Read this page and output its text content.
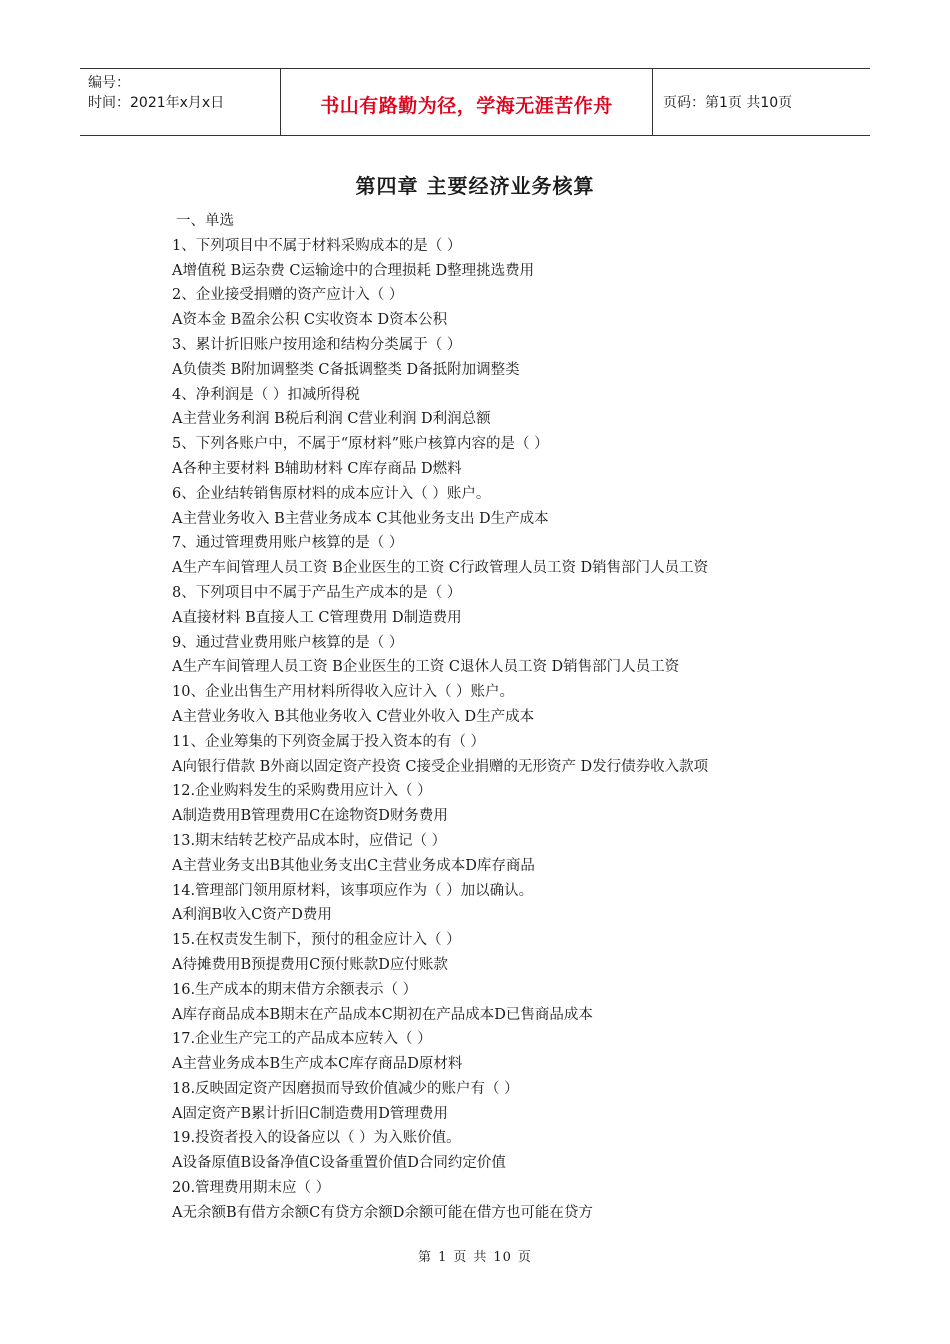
编号：
时间：2021年x月x日	书山有路勤为径，学海无涯苦作舟	页码：第1页 共10页
第四章 主要经济业务核算
一、单选
1、下列项目中不属于材料采购成本的是（ ）
A增值税 B运杂费 C运输途中的合理损耗 D整理挑选费用
2、企业接受捐赠的资产应计入（ ）
A资本金 B盈余公积 C实收资本 D资本公积
3、累计折旧账户按用途和结构分类属于（ ）
A负债类 B附加调整类 C备抵调整类 D备抵附加调整类
4、净利润是（ ）扣减所得税
A主营业务利润 B税后利润 C营业利润 D利润总额
5、下列各账户中，不属于“原材料”账户核算内容的是（ ）
A各种主要材料 B辅助材料 C库存商品 D燃料
6、企业结转销售原材料的成本应计入（ ）账户。
A主营业务收入 B主营业务成本 C其他业务支出 D生产成本
7、通过管理费用账户核算的是（ ）
A生产车间管理人员工资 B企业医生的工资 C行政管理人员工资 D销售部门人员工资
8、下列项目中不属于产品生产成本的是（ ）
A直接材料 B直接人工 C管理费用 D制造费用
9、通过营业费用账户核算的是（ ）
A生产车间管理人员工资 B企业医生的工资 C退休人员工资 D销售部门人员工资
10、企业出售生产用材料所得收入应计入（ ）账户。
A主营业务收入 B其他业务收入 C营业外收入 D生产成本
11、企业筹集的下列资金属于投入资本的有（ ）
A向银行借款 B外商以固定资产投资 C接受企业捐赠的无形资产 D发行债券收入款项
12.企业购料发生的采购费用应计入（ ）
A制造费用B管理费用C在途物资D财务费用
13.期末结转艺校产品成本时，应借记（ ）
A主营业务支出B其他业务支出C主营业务成本D库存商品
14.管理部门领用原材料，该事项应作为（ ）加以确认。
A利润B收入C资产D费用
15.在权责发生制下，预付的租金应计入（ ）
A待摊费用B预提费用C预付账款D应付账款
16.生产成本的期末借方余额表示（ ）
A库存商品成本B期末在产品成本C期初在产品成本D已售商品成本
17.企业生产完工的产品成本应转入（ ）
A主营业务成本B生产成本C库存商品D原材料
18.反映固定资产因磨损而导致价值减少的账户有（ ）
A固定资产B累计折旧C制造费用D管理费用
19.投资者投入的设备应以（ ）为入账价值。
A设备原值B设备净值C设备重置价值D合同约定价值
20.管理费用期末应（ ）
A无余额B有借方余额C有贷方余额D余额可能在借方也可能在贷方
第 1 页 共 10 页
